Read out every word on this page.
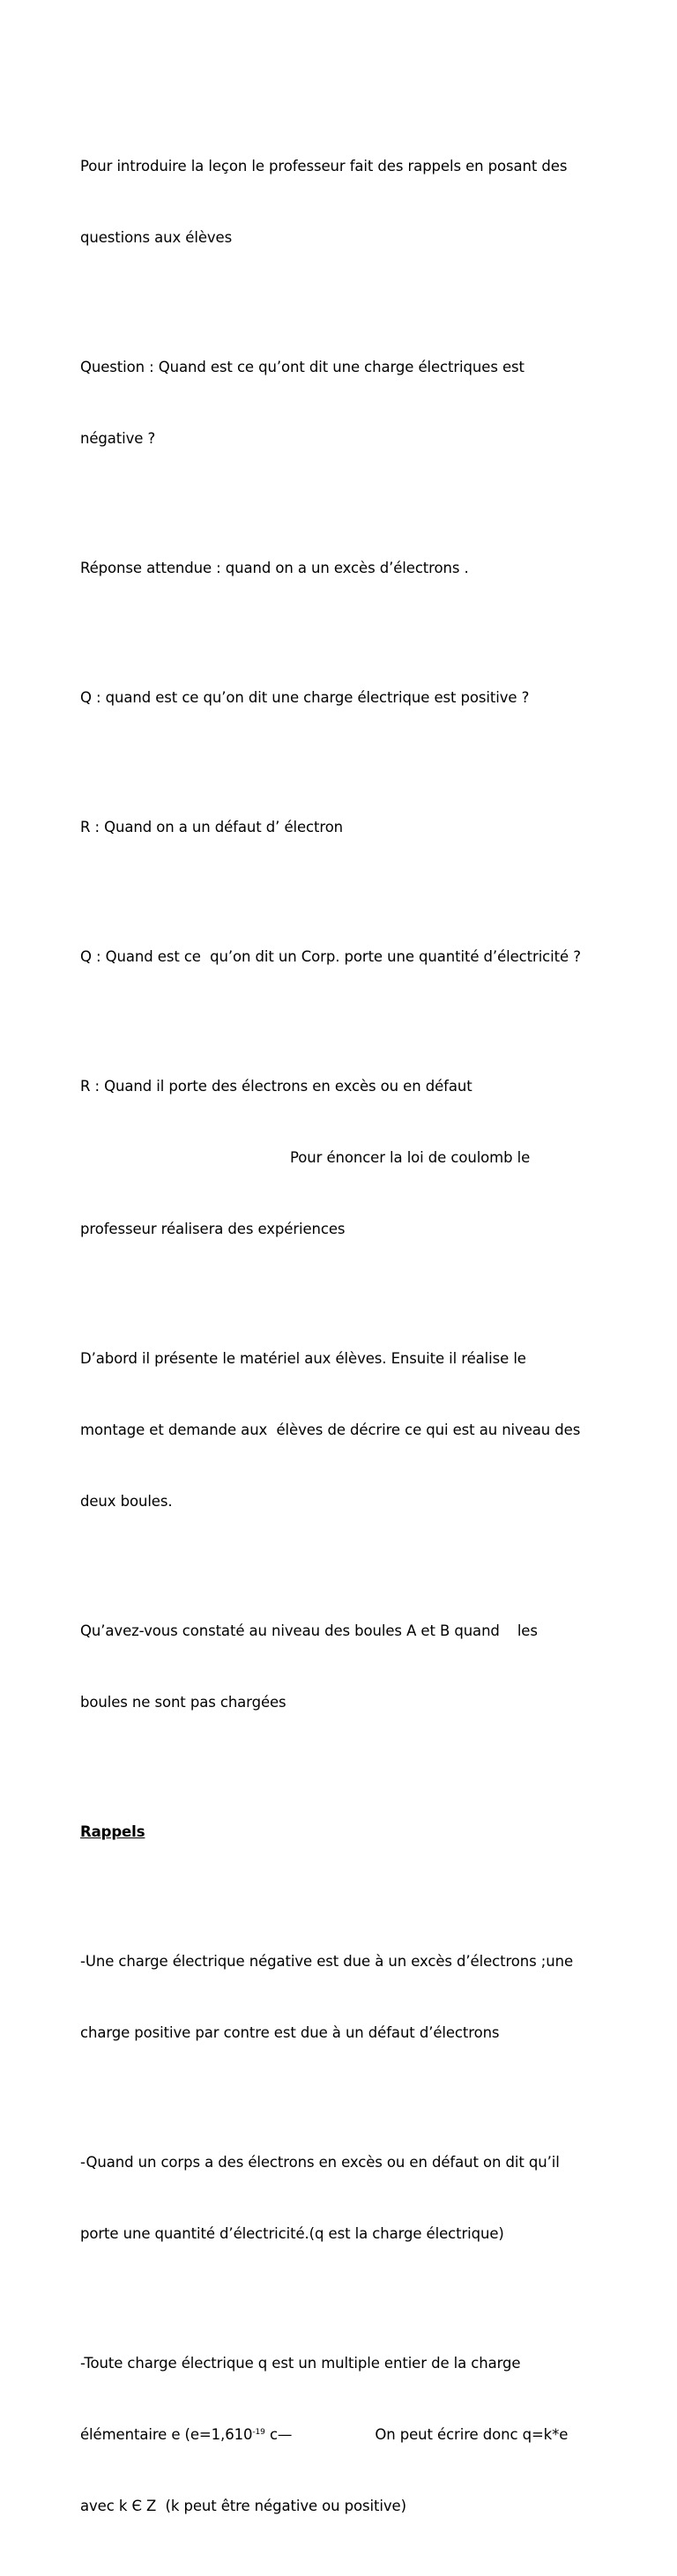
Pour introduire la leçon le professeur fait des rappels en posant des

questions aux élèves

Question : Quand est ce qu’ont dit une charge électriques est

négative ?

Réponse attendue : quand on a un excès d’électrons .

Q : quand est ce qu’on dit une charge électrique est positive ?

R : Quand on a un défaut d’ électron

Q : Quand est ce  qu’on dit un Corp. porte une quantité d’électricité ?

R : Quand il porte des électrons en excès ou en défaut

Pour énoncer la loi de coulomb le

professeur réalisera des expériences

D’abord il présente le matériel aux élèves. Ensuite il réalise le

montage et demande aux  élèves de décrire ce qui est au niveau des

deux boules.

Qu’avez-vous constaté au niveau des boules A et B quand les

boules ne sont pas chargées

Rappels

-Une charge électrique négative est due à un excès d’électrons ;une

charge positive par contre est due à un défaut d’électrons

-Quand un corps a des électrons en excès ou en défaut on dit qu’il

porte une quantité d’électricité.(q est la charge électrique)

-Toute charge électrique q est un multiple entier de la charge

élémentaire e ($e=1,610^{-19}$ c—	On peut écrire donc q=k*e

avec k Є Z  (k peut être négative ou positive)
